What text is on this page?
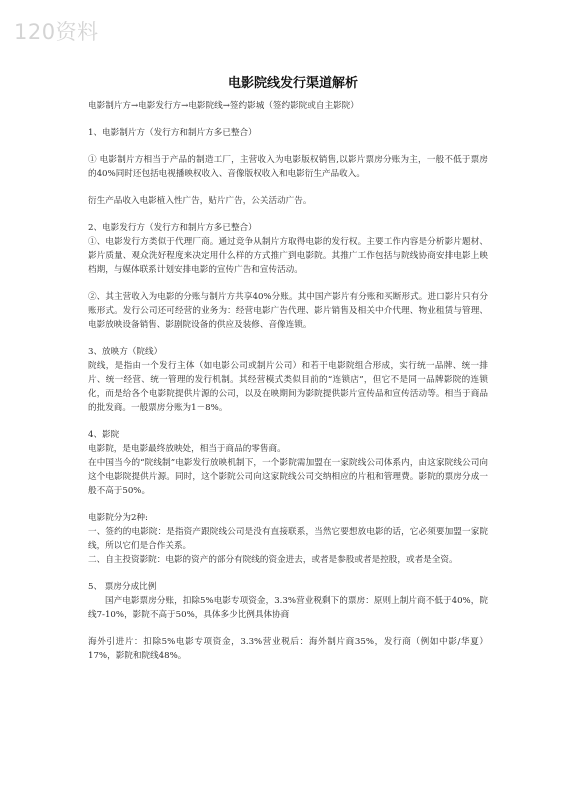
120资料
电影院线发行渠道解析

电影制片方→电影发行方→电影院线→签约影城（签约影院或自主影院）

1、电影制片方（发行方和制片方多已整合）

① 电影制片方相当于产品的制造工厂，主营收入为电影版权销售,以影片票房分账为主，一般不低于票房的40%同时还包括电视播映权收入、音像版权收入和电影衍生产品收入。

衍生产品收入电影植入性广告，贴片广告，公关活动广告。

2、电影发行方（发行方和制片方多已整合）

①、电影发行方类似于代理厂商。通过竞争从制片方取得电影的发行权。主要工作内容是分析影片题材、影片质量、观众洗好程度来决定用什么样的方式推广到电影院。其推广工作包括与院线协商安排电影上映档期，与媒体联系计划安排电影的宣传广告和宣传活动。

②、其主营收入为电影的分账与制片方共享40%分账。其中国产影片有分账和买断形式。进口影片只有分账形式。发行公司还可经营的业务为：经营电影广告代理、影片销售及相关中介代理、物业租赁与管理、电影放映设备销售、影剧院设备的供应及装修、音像连锁。

3、放映方（院线）

院线，是指由一个发行主体（如电影公司或制片公司）和若干电影院组合形成，实行统一品牌、统一排片、统一经营、统一管理的发行机制。其经营模式类似目前的“连锁店”，但它不是同一品牌影院的连锁化，而是给各个电影院提供片源的公司，以及在映期间为影院提供影片宣传品和宣传活动等。相当于商品的批发商。一般票房分账为1－8%。

4、影院

电影院，是电影最终放映处，相当于商品的零售商。

在中国当今的“院线制”电影发行放映机制下，一个影院需加盟在一家院线公司体系内，由这家院线公司向这个电影院提供片源。同时，这个影院公司向这家院线公司交纳相应的片租和管理费。影院的票房分成一般不高于50%。

电影院分为2种:

一、签约的电影院：是指资产跟院线公司是没有直接联系，当然它要想放电影的话，它必须要加盟一家院线，所以它们是合作关系。

二、自主投资影院：电影的资产的部分有院线的资金进去，或者是参股或者是控股，或者是全资。

5、 票房分成比例

国产电影票房分账，扣除5%电影专项资金，3.3%营业税剩下的票房：原则上制片商不低于40%，院线7-10%，影院不高于50%，具体多少比例具体协商

海外引进片：扣除5%电影专项资金，3.3%营业税后：海外制片商35%，发行商（例如中影/华夏）17%，影院和院线48%。
